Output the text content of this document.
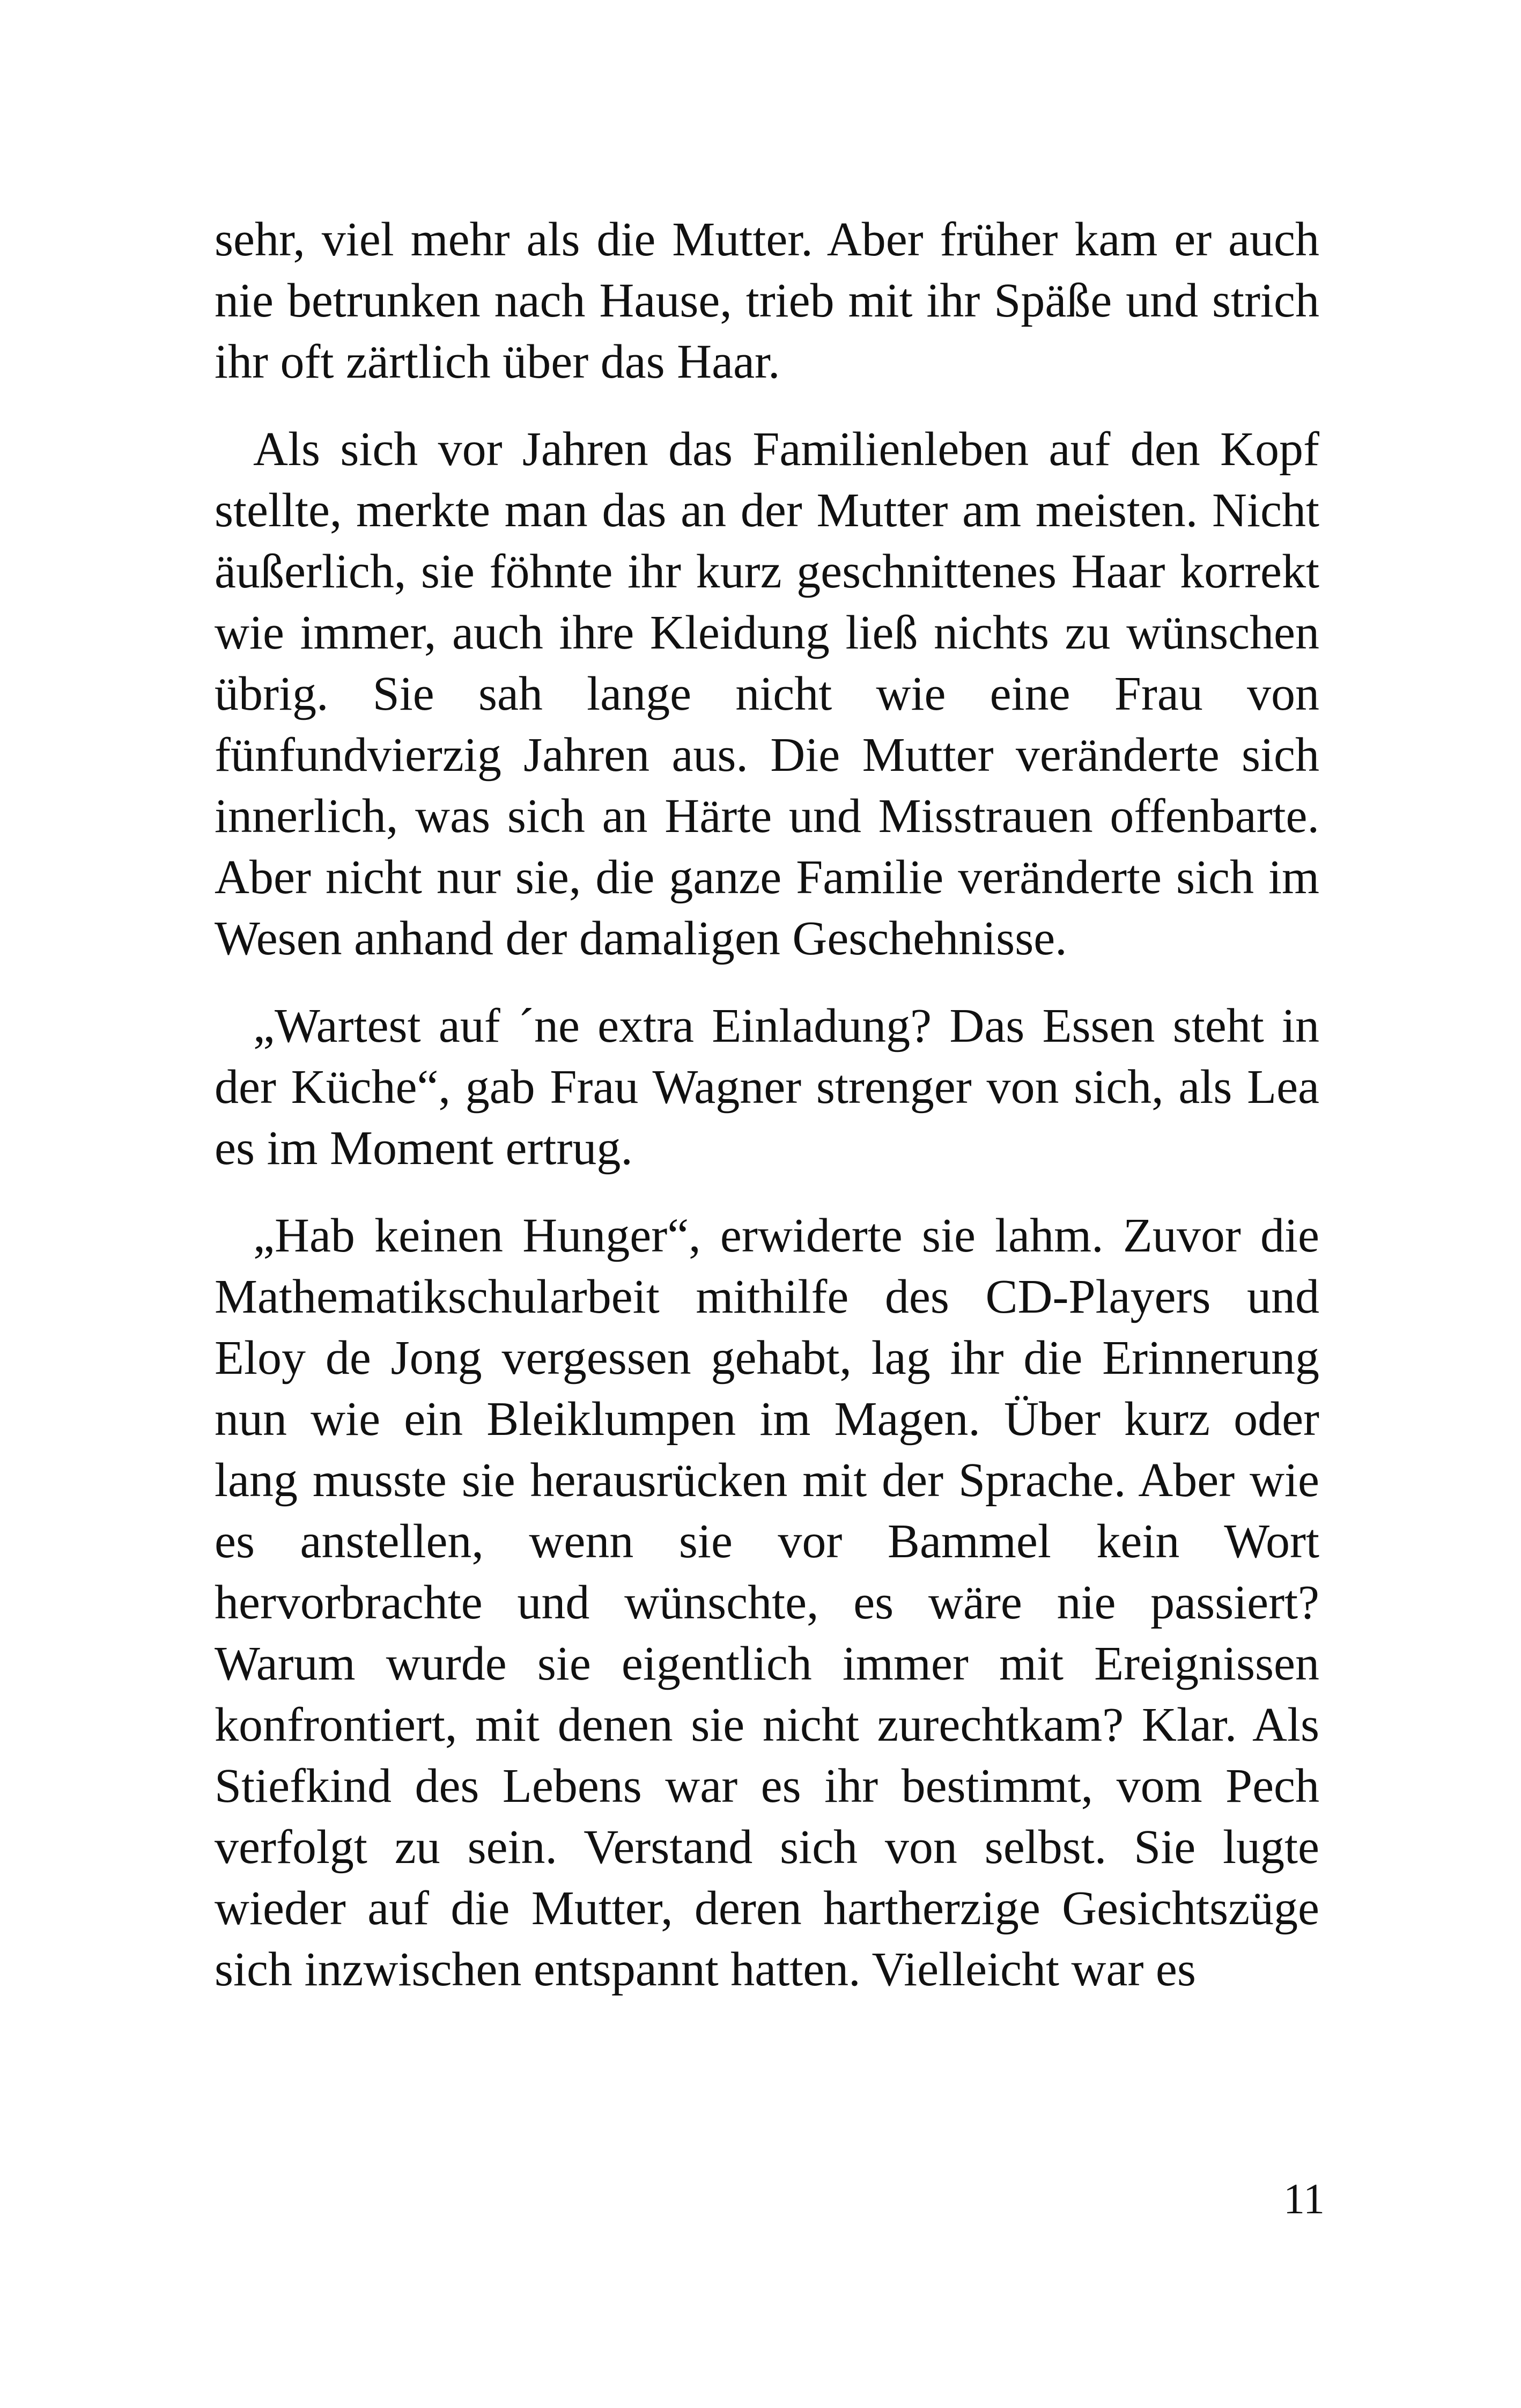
sehr, viel mehr als die Mutter. Aber früher kam er auch nie betrunken nach Hause, trieb mit ihr Späße und strich ihr oft zärtlich über das Haar.

Als sich vor Jahren das Familienleben auf den Kopf stellte, merkte man das an der Mutter am meisten. Nicht äußerlich, sie föhnte ihr kurz geschnittenes Haar korrekt wie immer, auch ihre Kleidung ließ nichts zu wünschen übrig. Sie sah lange nicht wie eine Frau von fünfundvierzig Jahren aus. Die Mutter veränderte sich innerlich, was sich an Härte und Misstrauen offenbarte. Aber nicht nur sie, die ganze Familie veränderte sich im Wesen anhand der damaligen Geschehnisse.

„Wartest auf ´ne extra Einladung? Das Essen steht in der Küche“, gab Frau Wagner strenger von sich, als Lea es im Moment ertrug.

„Hab keinen Hunger“, erwiderte sie lahm. Zuvor die Mathematikschularbeit mithilfe des CD-Players und Eloy de Jong vergessen gehabt, lag ihr die Erinnerung nun wie ein Bleiklumpen im Magen. Über kurz oder lang musste sie herausrücken mit der Sprache. Aber wie es anstellen, wenn sie vor Bammel kein Wort hervorbrachte und wünschte, es wäre nie passiert? Warum wurde sie eigentlich immer mit Ereignissen konfrontiert, mit denen sie nicht zurechtkam? Klar. Als Stiefkind des Lebens war es ihr bestimmt, vom Pech verfolgt zu sein. Verstand sich von selbst. Sie lugte wieder auf die Mutter, deren hartherzige Gesichtszüge sich inzwischen entspannt hatten. Vielleicht war es

11
